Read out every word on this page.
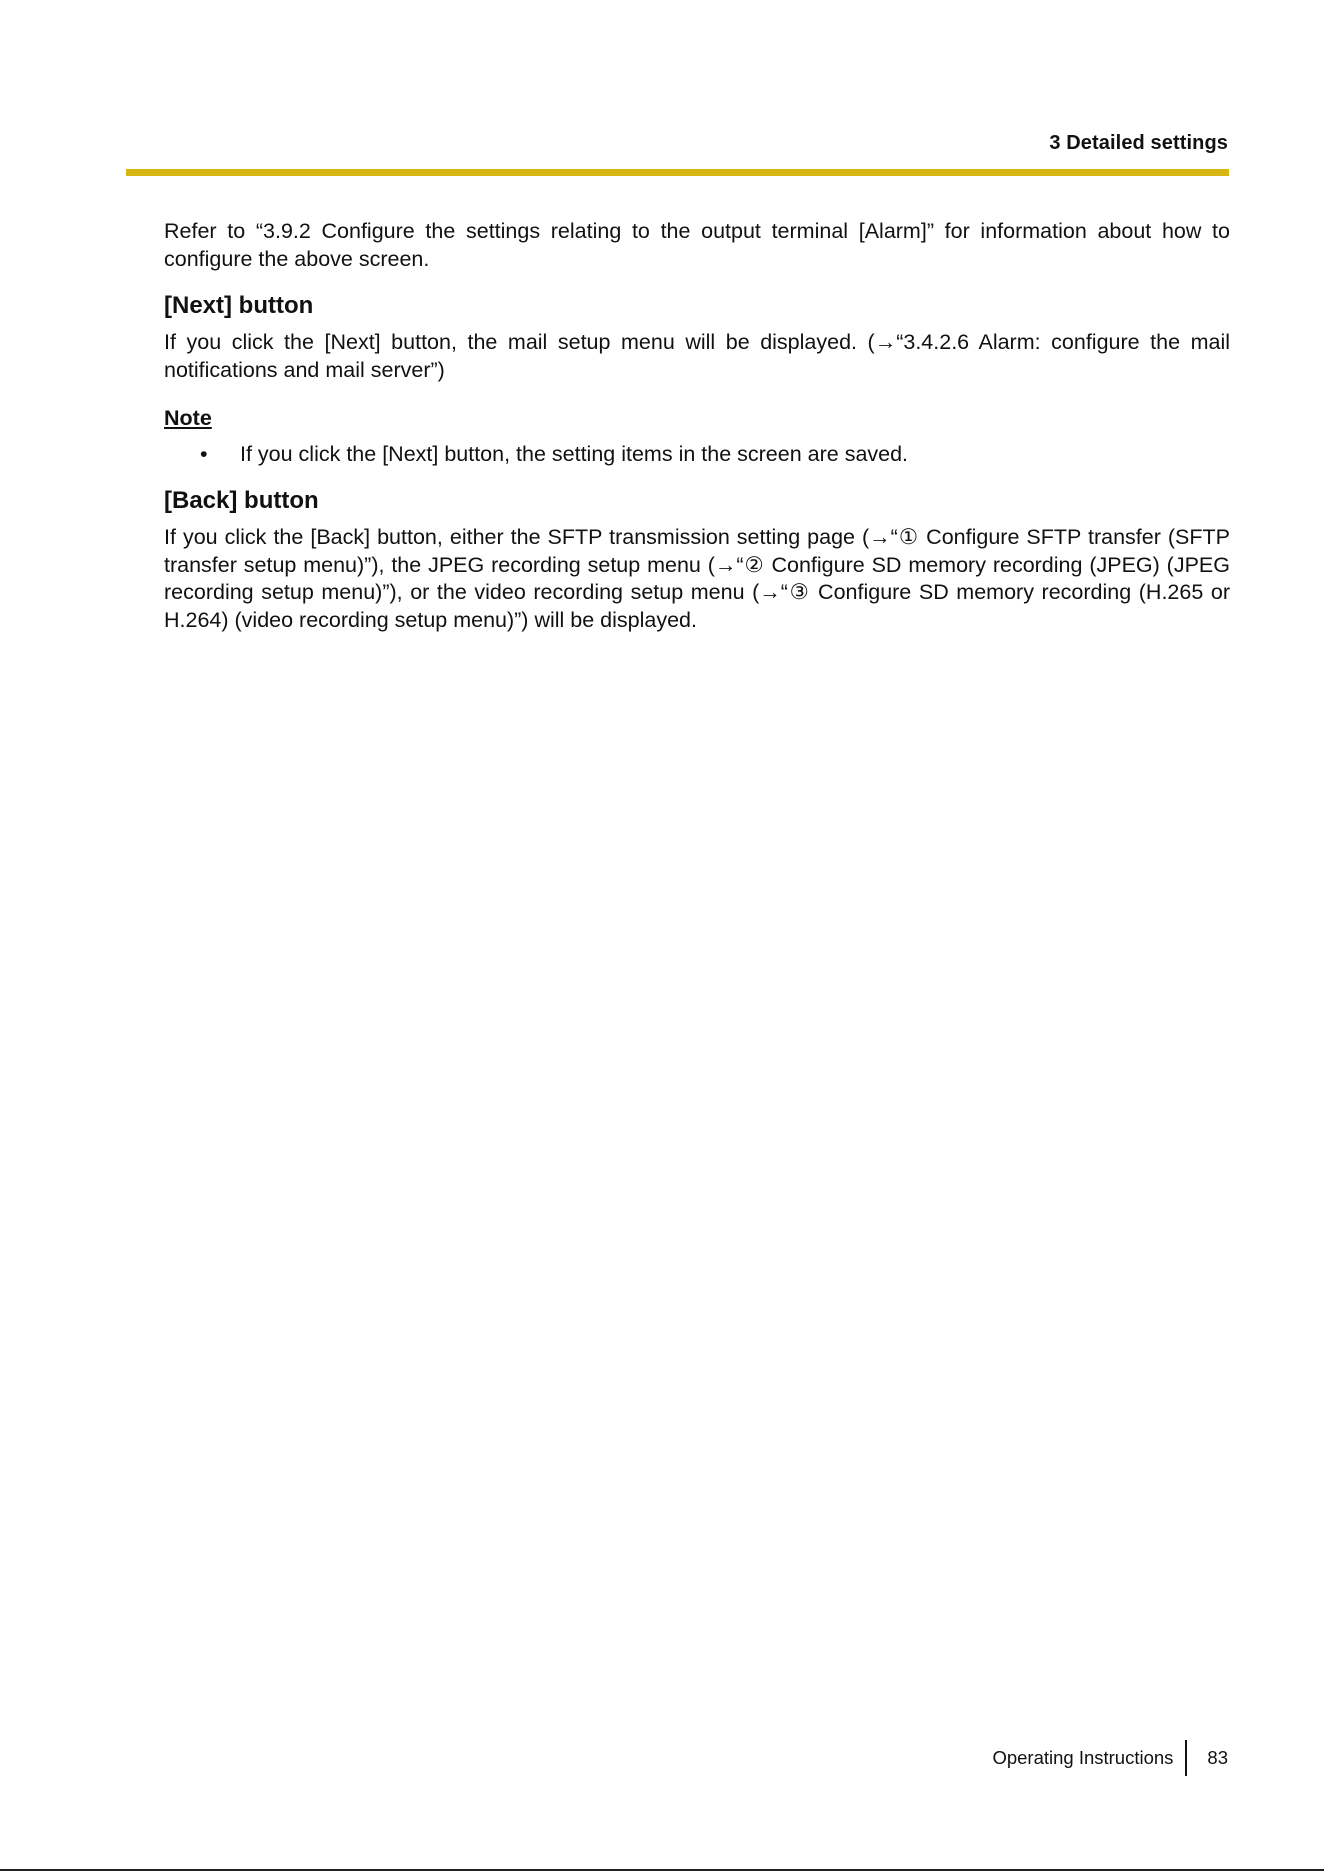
3 Detailed settings

Refer to “3.9.2 Configure the settings relating to the output terminal [Alarm]” for information about how to configure the above screen.

[Next] button

If you click the [Next] button, the mail setup menu will be displayed. (→“3.4.2.6 Alarm: configure the mail notifications and mail server”)

Note
• If you click the [Next] button, the setting items in the screen are saved.
[Back] button

If you click the [Back] button, either the SFTP transmission setting page (→“① Configure SFTP transfer (SFTP transfer setup menu)”), the JPEG recording setup menu (→“② Configure SD memory recording (JPEG) (JPEG recording setup menu)”), or the video recording setup menu (→“③ Configure SD memory recording (H.265 or H.264) (video recording setup menu)”) will be displayed.

Operating Instructions 83
